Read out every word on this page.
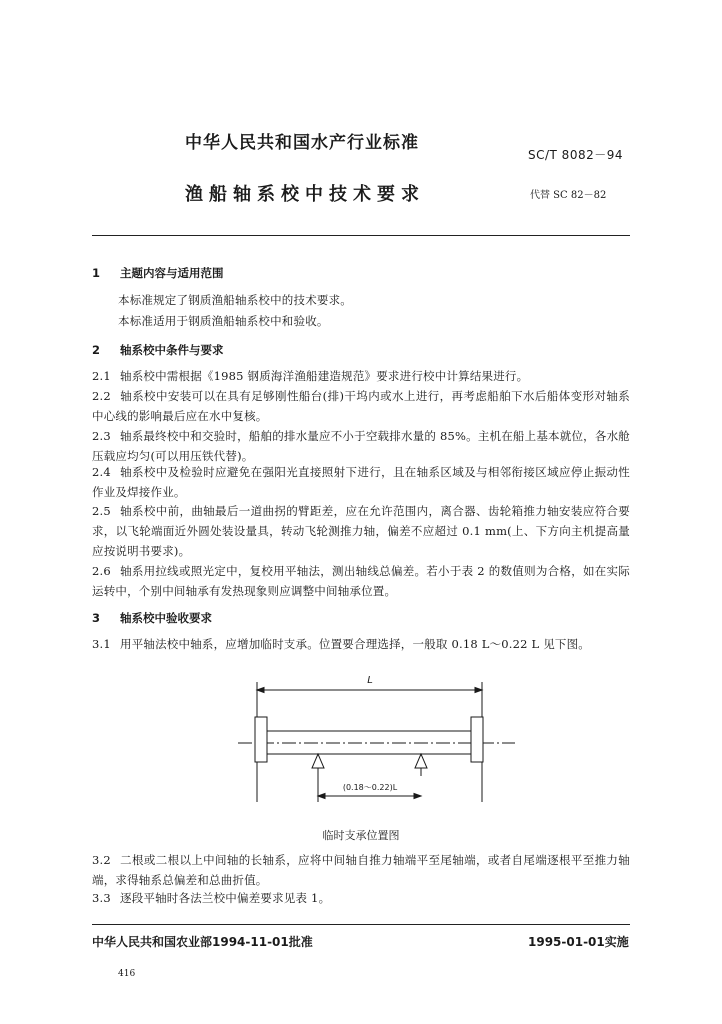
中华人民共和国水产行业标准
SC/T 8082－94
渔船轴系校中技术要求	代替 SC 82－82
1 主题内容与适用范围
本标准规定了钢质渔船轴系校中的技术要求。
本标准适用于钢质渔船轴系校中和验收。
2 轴系校中条件与要求
2.1 轴系校中需根据《1985 钢质海洋渔船建造规范》要求进行校中计算结果进行。
2.2 轴系校中安装可以在具有足够刚性船台(排)干坞内或水上进行，再考虑船舶下水后船体变形对轴系中心线的影响最后应在水中复核。
2.3 轴系最终校中和交验时，船舶的排水量应不小于空载排水量的 85%。主机在船上基本就位，各水舱压载应均匀(可以用压铁代替)。
2.4 轴系校中及检验时应避免在强阳光直接照射下进行，且在轴系区域及与相邻衔接区域应停止振动性作业及焊接作业。
2.5 轴系校中前，曲轴最后一道曲拐的臂距差，应在允许范围内，离合器、齿轮箱推力轴安装应符合要求，以飞轮端面近外圆处装设量具，转动飞轮测推力轴，偏差不应超过 0.1 mm(上、下方向主机提高量应按说明书要求)。
2.6 轴系用拉线或照光定中，复校用平轴法，测出轴线总偏差。若小于表 2 的数值则为合格，如在实际运转中，个别中间轴承有发热现象则应调整中间轴承位置。
3 轴系校中验收要求
3.1 用平轴法校中轴系，应增加临时支承。位置要合理选择，一般取 0.18 L～0.22 L 见下图。
L
(0.18～0.22)L
临时支承位置图
3.2 二根或二根以上中间轴的长轴系，应将中间轴自推力轴端平至尾轴端，或者自尾端逐根平至推力轴端，求得轴系总偏差和总曲折值。
3.3 逐段平轴时各法兰校中偏差要求见表 1。
中华人民共和国农业部1994-11-01批准	1995-01-01实施
416
